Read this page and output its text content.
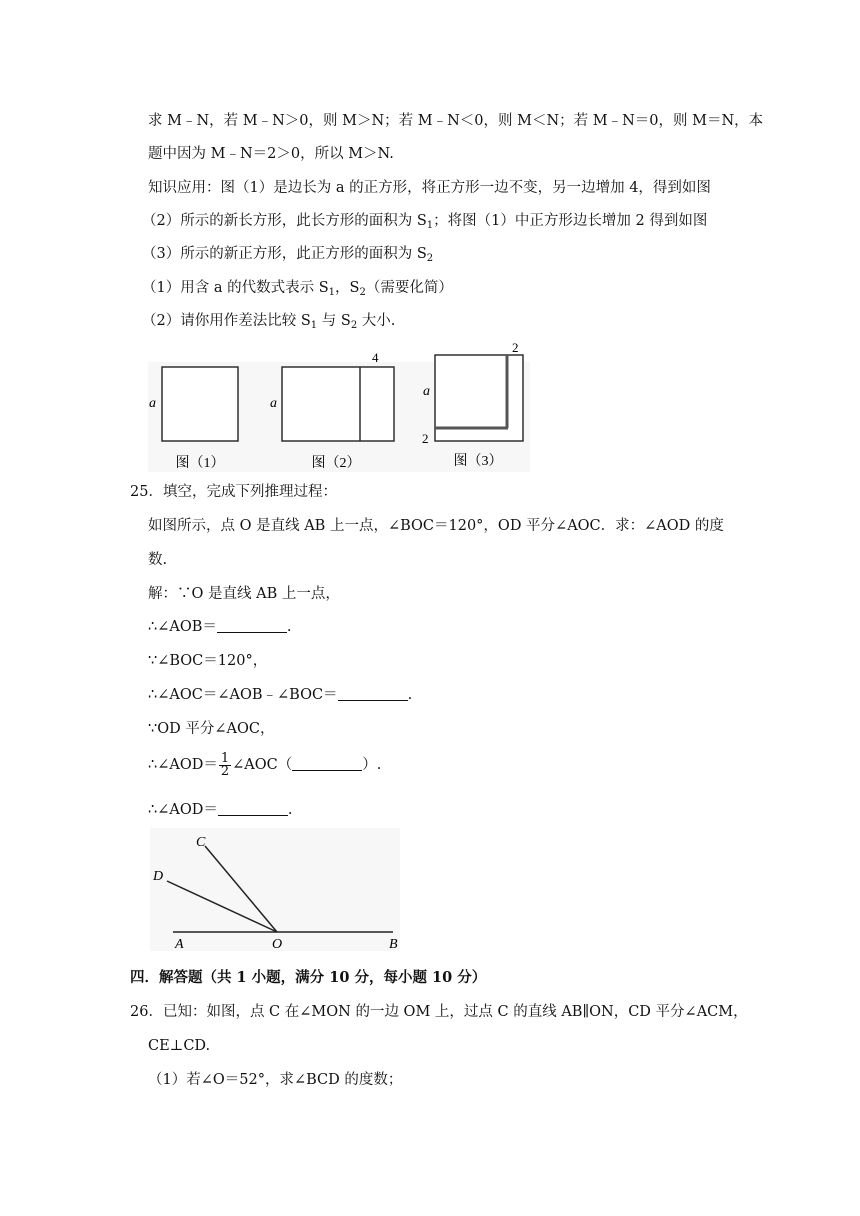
求 M﹣N，若 M﹣N＞0，则 M＞N；若 M﹣N＜0，则 M＜N；若 M﹣N＝0，则 M＝N，本
题中因为 M﹣N＝2＞0，所以 M＞N.
知识应用：图（1）是边长为 a 的正方形，将正方形一边不变，另一边增加 4，得到如图
（2）所示的新长方形，此长方形的面积为 $S_1$；将图（1）中正方形边长增加 2 得到如图
（3）所示的新正方形，此正方形的面积为 $S_2$
（1）用含 a 的代数式表示 $S_1$，$S_2$（需要化简）
（2）请你用作差法比较 $S_1$ 与 $S_2$ 大小.
a
图（1）
a
4
图（2）
a
2
2
图（3）
25．填空，完成下列推理过程：
如图所示，点 O 是直线 AB 上一点，∠BOC＝120°，OD 平分∠AOC．求：∠AOD 的度
数.
解：∵O 是直线 AB 上一点，
∴∠AOB＝	.
∵∠BOC＝120°，
∴∠AOC＝∠AOB﹣∠BOC＝	.
∵OD 平分∠AOC，
∴∠AOD＝ $\frac{1}{2}$ ∠AOC（	）.
∴∠AOD＝	.
C
D
A	O	B
四．解答题（共 1 小题，满分 10 分，每小题 10 分）
26．已知：如图，点 C 在∠MON 的一边 OM 上，过点 C 的直线 AB∥ON，CD 平分∠ACM，
CE⊥CD.
（1）若∠O＝52°，求∠BCD 的度数；
